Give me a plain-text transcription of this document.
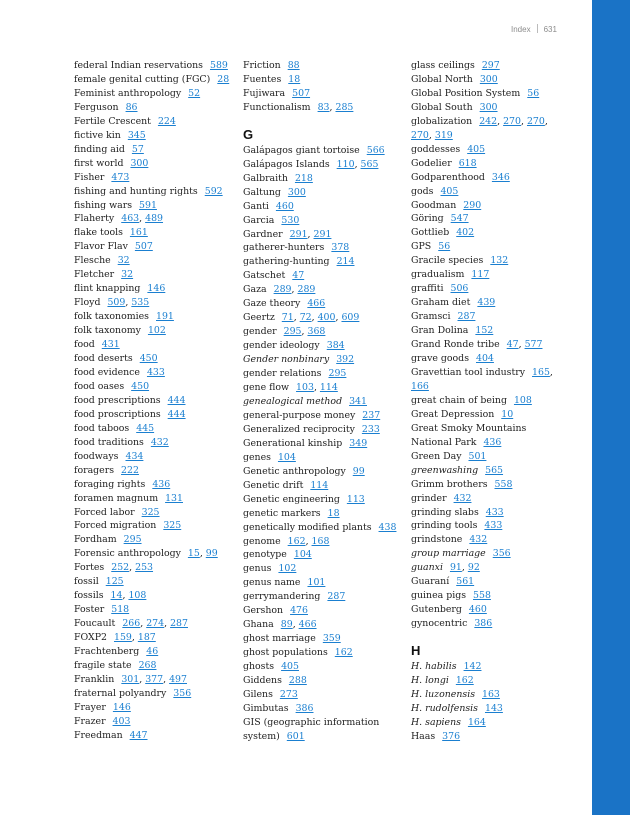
Index 631
federal Indian reservations 589
female genital cutting (FGC) 28
Feminist anthropology 52
Ferguson 86
Fertile Crescent 224
fictive kin 345
finding aid 57
first world 300
Fisher 473
fishing and hunting rights 592
fishing wars 591
Flaherty 463, 489
flake tools 161
Flavor Flav 507
Flesche 32
Fletcher 32
flint knapping 146
Floyd 509, 535
folk taxonomies 191
folk taxonomy 102
food 431
food deserts 450
food evidence 433
food oases 450
food prescriptions 444
food proscriptions 444
food taboos 445
food traditions 432
foodways 434
foragers 222
foraging rights 436
foramen magnum 131
Forced labor 325
Forced migration 325
Fordham 295
Forensic anthropology 15, 99
Fortes 252, 253
fossil 125
fossils 14, 108
Foster 518
Foucault 266, 274, 287
FOXP2 159, 187
Frachtenberg 46
fragile state 268
Franklin 301, 377, 497
fraternal polyandry 356
Frayer 146
Frazer 403
Freedman 447
Friction 88
Fuentes 18
Fujiwara 507
Functionalism 83, 285
G
Galápagos giant tortoise 566
Galápagos Islands 110, 565
Galbraith 218
Galtung 300
Ganti 460
Garcia 530
Gardner 291, 291
gatherer-hunters 378
gathering-hunting 214
Gatschet 47
Gaza 289, 289
Gaze theory 466
Geertz 71, 72, 400, 609
gender 295, 368
gender ideology 384
Gender nonbinary 392
gender relations 295
gene flow 103, 114
genealogical method 341
general-purpose money 237
Generalized reciprocity 233
Generational kinship 349
genes 104
Genetic anthropology 99
Genetic drift 114
Genetic engineering 113
genetic markers 18
genetically modified plants 438
genome 162, 168
genotype 104
genus 102
genus name 101
gerrymandering 287
Gershon 476
Ghana 89, 466
ghost marriage 359
ghost populations 162
ghosts 405
Giddens 288
Gilens 273
Gimbutas 386
GIS (geographic information system) 601
glass ceilings 297
Global North 300
Global Position System 56
Global South 300
globalization 242, 270, 270, 270, 319
goddesses 405
Godelier 618
Godparenthood 346
gods 405
Goodman 290
Göring 547
Gottlieb 402
GPS 56
Gracile species 132
gradualism 117
graffiti 506
Graham diet 439
Gramsci 287
Gran Dolina 152
Grand Ronde tribe 47, 577
grave goods 404
Gravettian tool industry 165, 166
great chain of being 108
Great Depression 10
Great Smoky Mountains National Park 436
Green Day 501
greenwashing 565
Grimm brothers 558
grinder 432
grinding slabs 433
grinding tools 433
grindstone 432
group marriage 356
guanxi 91, 92
Guaraní 561
guinea pigs 558
Gutenberg 460
gynocentric 386
H
H. habilis 142
H. longi 162
H. luzonensis 163
H. rudolfensis 143
H. sapiens 164
Haas 376
